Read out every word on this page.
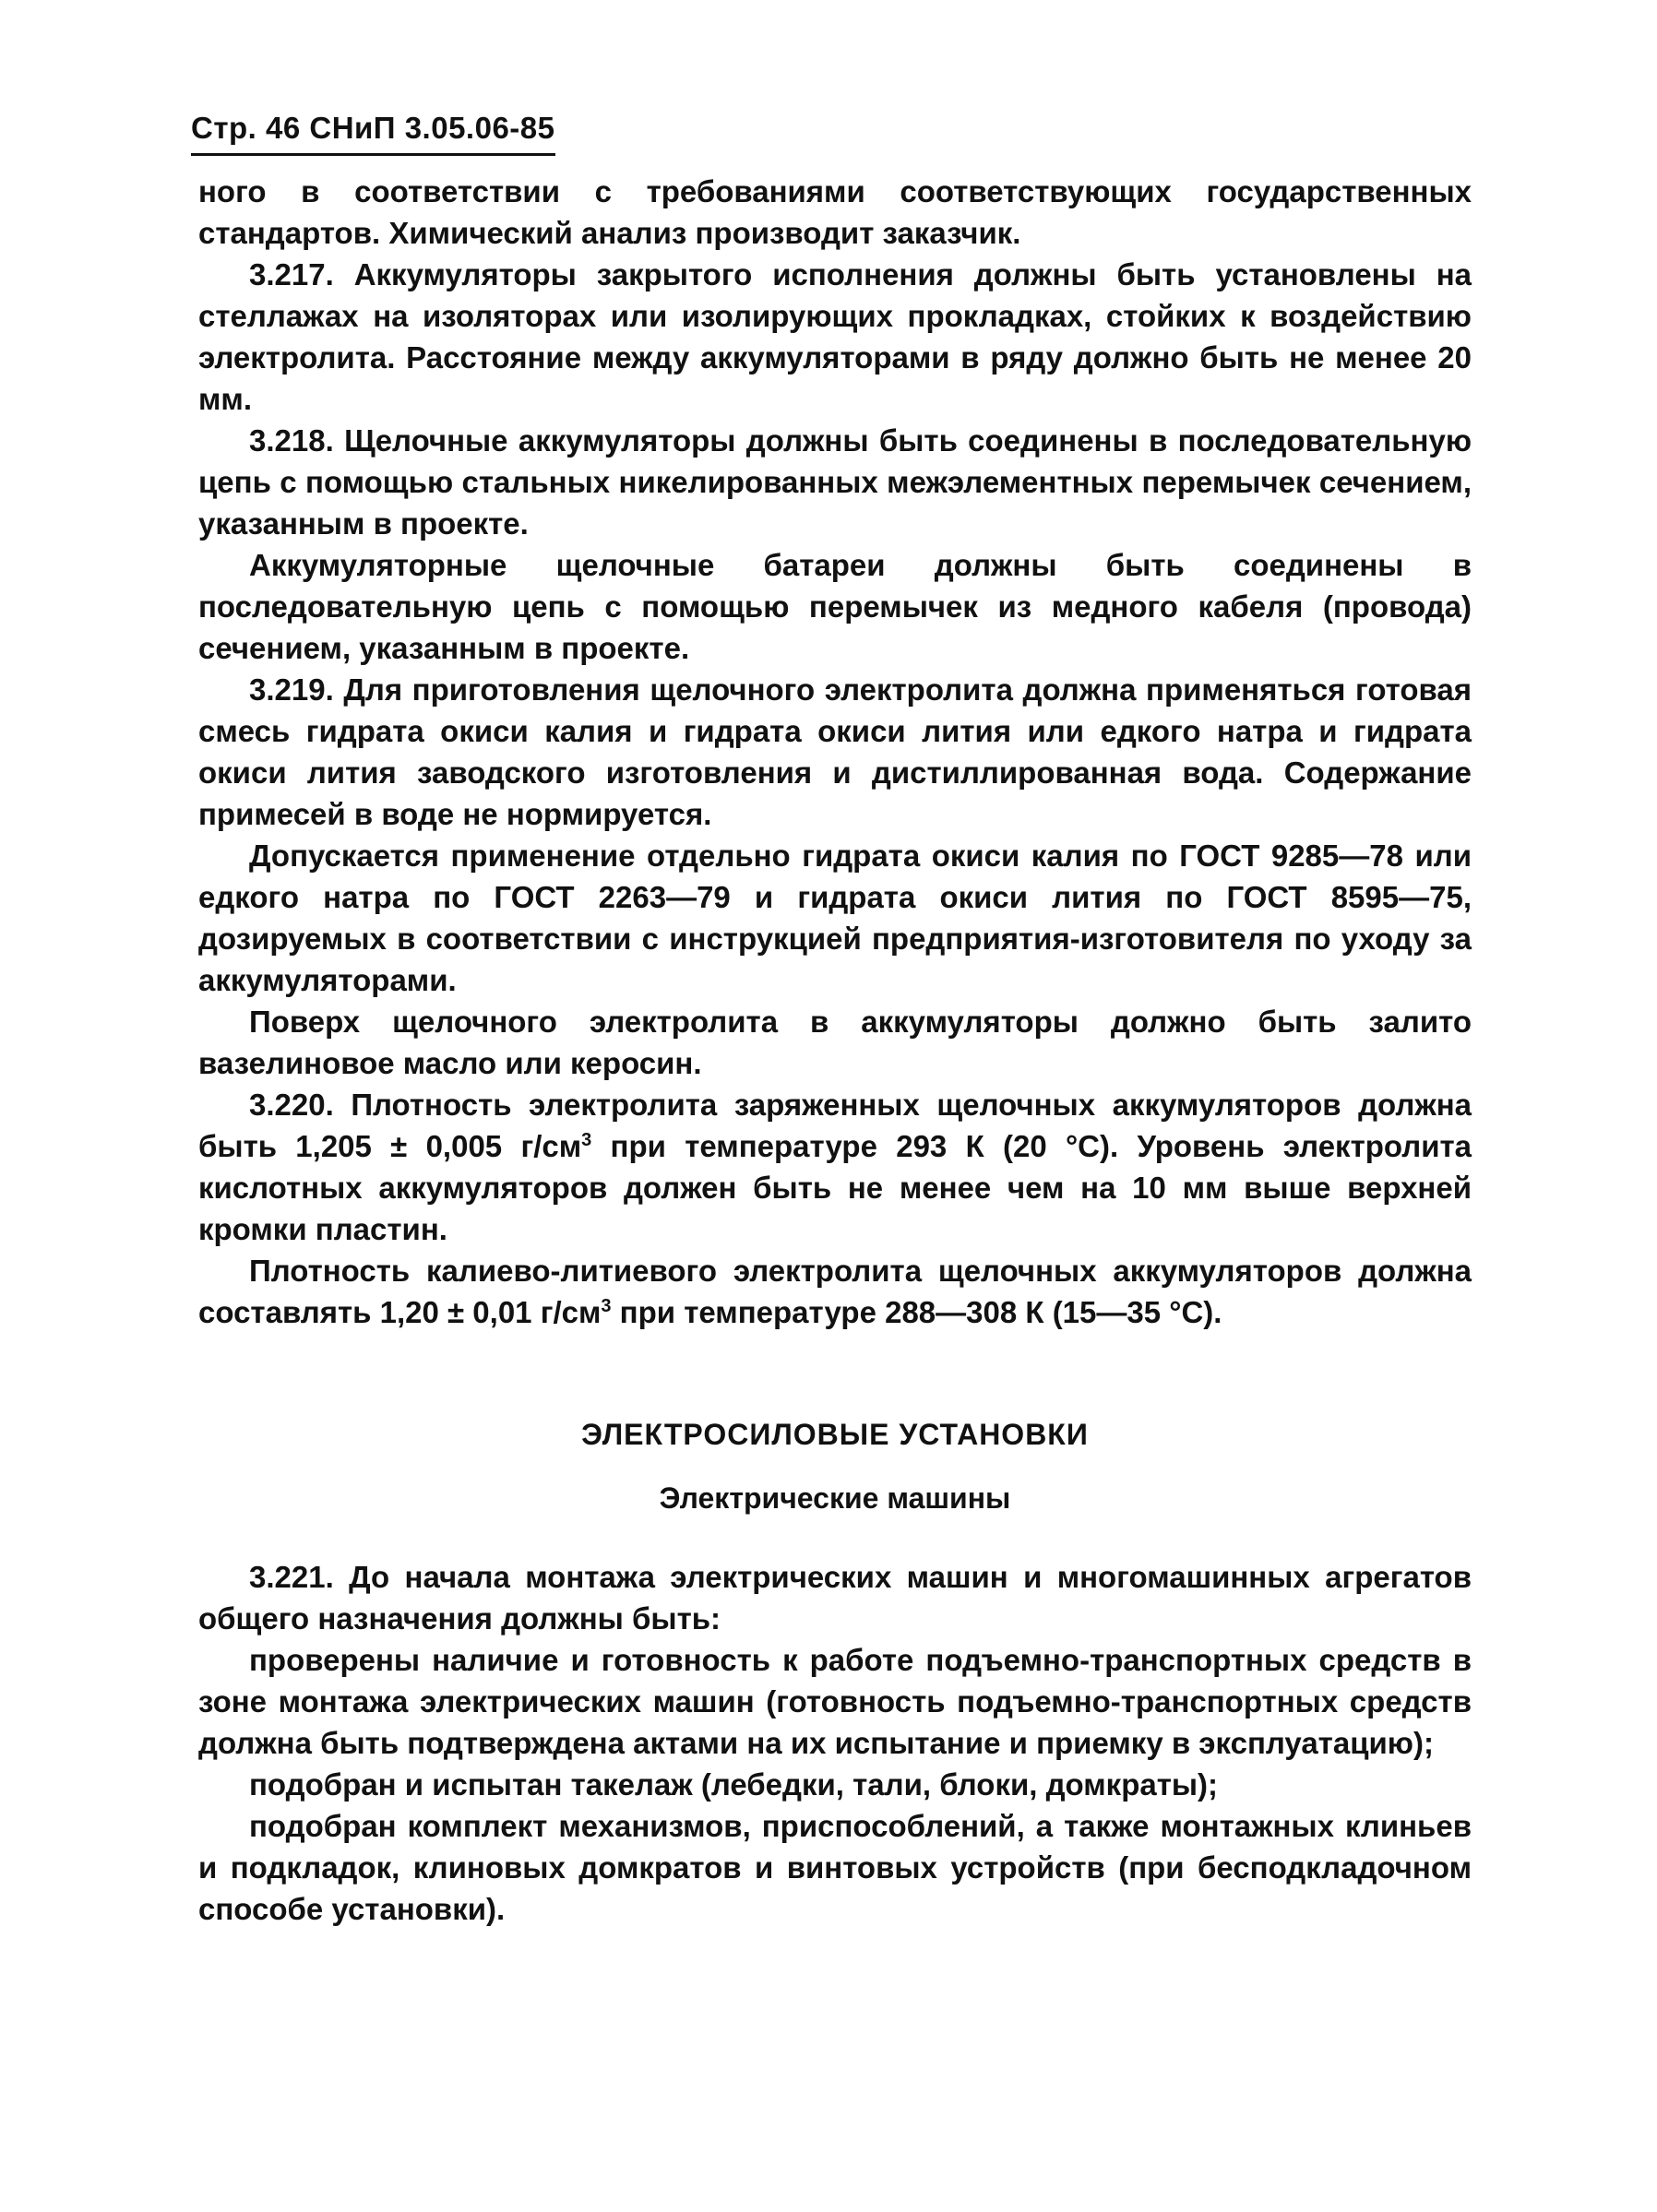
Стр. 46 СНиП 3.05.06-85

ного в соответствии с требованиями соответствующих государственных стандартов. Химический анализ производит заказчик.

3.217. Аккумуляторы закрытого исполнения должны быть установлены на стеллажах на изоляторах или изолирующих прокладках, стойких к воздействию электролита. Расстояние между аккумуляторами в ряду должно быть не менее 20 мм.

3.218. Щелочные аккумуляторы должны быть соединены в последовательную цепь с помощью стальных никелированных межэлементных перемычек сечением, указанным в проекте.

Аккумуляторные щелочные батареи должны быть соединены в последовательную цепь с помощью перемычек из медного кабеля (провода) сечением, указанным в проекте.

3.219. Для приготовления щелочного электролита должна применяться готовая смесь гидрата окиси калия и гидрата окиси лития или едкого натра и гидрата окиси лития заводского изготовления и дистиллированная вода. Содержание примесей в воде не нормируется.

Допускается применение отдельно гидрата окиси калия по ГОСТ 9285—78 или едкого натра по ГОСТ 2263—79 и гидрата окиси лития по ГОСТ 8595—75, дозируемых в соответствии с инструкцией предприятия-изготовителя по уходу за аккумуляторами.

Поверх щелочного электролита в аккумуляторы должно быть залито вазелиновое масло или керосин.

3.220. Плотность электролита заряженных щелочных аккумуляторов должна быть 1,205 ± 0,005 $г/см^3$ при температуре 293 К (20 °С). Уровень электролита кислотных аккумуляторов должен быть не менее чем на 10 мм выше верхней кромки пластин.

Плотность калиево-литиевого электролита щелочных аккумуляторов должна составлять 1,20 ± 0,01 $г/см^3$ при температуре 288—308 К (15—35 °С).

ЭЛЕКТРОСИЛОВЫЕ УСТАНОВКИ
Электрические машины

3.221. До начала монтажа электрических машин и многомашинных агрегатов общего назначения должны быть:

проверены наличие и готовность к работе подъемно-транспортных средств в зоне монтажа электрических машин (готовность подъемно-транспортных средств должна быть подтверждена актами на их испытание и приемку в эксплуатацию);

подобран и испытан такелаж (лебедки, тали, блоки, домкраты);

подобран комплект механизмов, приспособлений, а также монтажных клиньев и подкладок, клиновых домкратов и винтовых устройств (при бесподкладочном способе установки).
